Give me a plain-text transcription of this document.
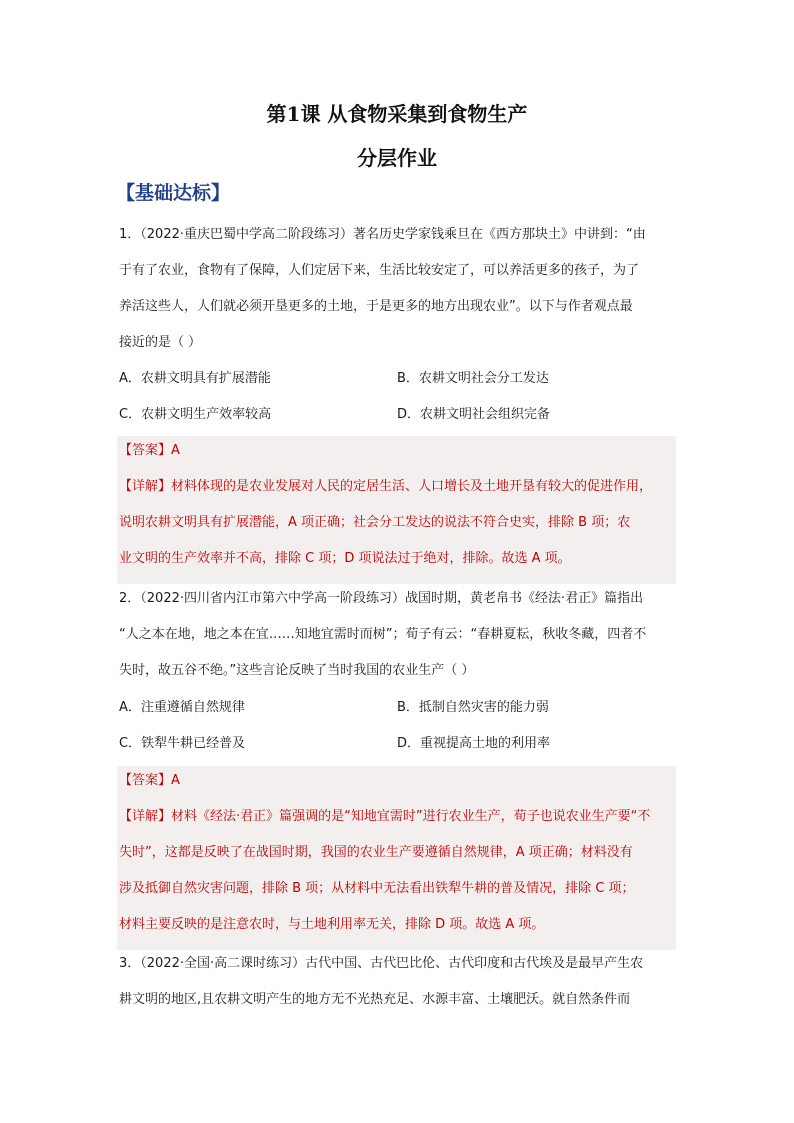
第1课 从食物采集到食物生产
分层作业
【基础达标】
1．（2022·重庆巴蜀中学高二阶段练习）著名历史学家钱乘旦在《西方那块土》中讲到：“由
于有了农业，食物有了保障，人们定居下来，生活比较安定了，可以养活更多的孩子，为了
养活这些人，人们就必须开垦更多的土地，于是更多的地方出现农业”。以下与作者观点最
接近的是（ ）
A．农耕文明具有扩展潜能	B．农耕文明社会分工发达
C．农耕文明生产效率较高	D．农耕文明社会组织完备
【答案】A
【详解】材料体现的是农业发展对人民的定居生活、人口增长及土地开垦有较大的促进作用，
说明农耕文明具有扩展潜能，A 项正确；社会分工发达的说法不符合史实，排除 B 项；农
业文明的生产效率并不高，排除 C 项；D 项说法过于绝对，排除。故选 A 项。
2．（2022·四川省内江市第六中学高一阶段练习）战国时期，黄老帛书《经法·君正》篇指出
“人之本在地，地之本在宜……知地宜需时而树”；荀子有云：“春耕夏耘，秋收冬藏，四者不
失时，故五谷不绝。”这些言论反映了当时我国的农业生产（ ）
A．注重遵循自然规律	B．抵制自然灾害的能力弱
C．铁犁牛耕已经普及	D．重视提高土地的利用率
【答案】A
【详解】材料《经法·君正》篇强调的是“知地宜需时”进行农业生产，荀子也说农业生产要“不
失时”，这都是反映了在战国时期，我国的农业生产要遵循自然规律，A 项正确；材料没有
涉及抵御自然灾害问题，排除 B 项；从材料中无法看出铁犁牛耕的普及情况，排除 C 项；
材料主要反映的是注意农时，与土地利用率无关，排除 D 项。故选 A 项。
3．（2022·全国·高二课时练习）古代中国、古代巴比伦、古代印度和古代埃及是最早产生农
耕文明的地区,且农耕文明产生的地方无不光热充足、水源丰富、土壤肥沃。就自然条件而
